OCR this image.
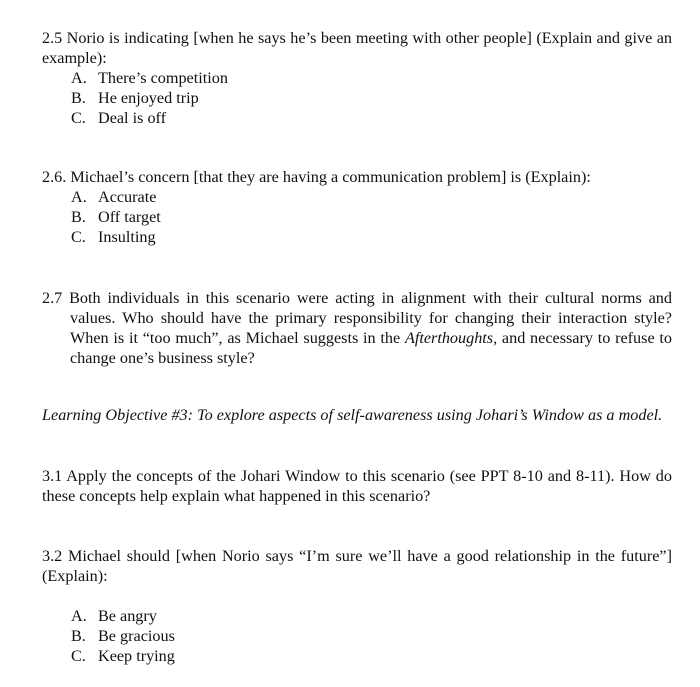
2.5 Norio is indicating [when he says he’s been meeting with other people] (Explain and give an example):

A. There’s competition
B. He enjoyed trip
C. Deal is off

2.6. Michael’s concern [that they are having a communication problem] is (Explain):

A. Accurate
B. Off target
C. Insulting

2.7 Both individuals in this scenario were acting in alignment with their cultural norms and values. Who should have the primary responsibility for changing their interaction style? When is it “too much”, as Michael suggests in the Afterthoughts, and necessary to refuse to change one’s business style?

Learning Objective #3: To explore aspects of self-awareness using Johari’s Window as a model.

3.1 Apply the concepts of the Johari Window to this scenario (see PPT 8-10 and 8-11). How do these concepts help explain what happened in this scenario?

3.2 Michael should [when Norio says “I’m sure we’ll have a good relationship in the future”] (Explain):

A. Be angry
B. Be gracious
C. Keep trying
